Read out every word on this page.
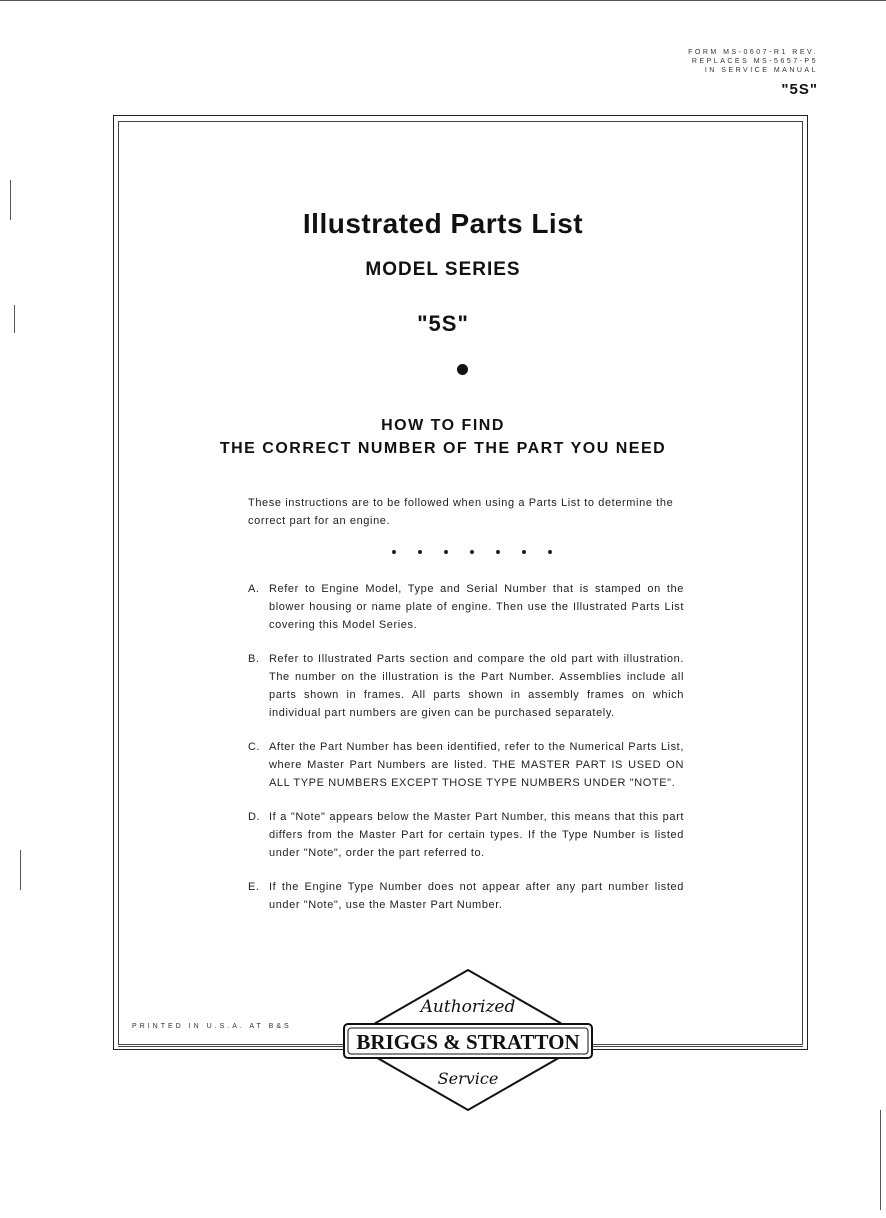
FORM MS-0607-R1 REV.
REPLACES MS-5657-P5
IN SERVICE MANUAL
"5S"
Illustrated Parts List
MODEL SERIES
"5S"
HOW TO FIND
THE CORRECT NUMBER OF THE PART YOU NEED
These instructions are to be followed when using a Parts List to determine the correct part for an engine.
A. Refer to Engine Model, Type and Serial Number that is stamped on the blower housing or name plate of engine. Then use the Illustrated Parts List covering this Model Series.
B. Refer to Illustrated Parts section and compare the old part with illustration. The number on the illustration is the Part Number. Assemblies include all parts shown in frames. All parts shown in assembly frames on which individual part numbers are given can be purchased separately.
C. After the Part Number has been identified, refer to the Numerical Parts List, where Master Part Numbers are listed. THE MASTER PART IS USED ON ALL TYPE NUMBERS EXCEPT THOSE TYPE NUMBERS UNDER "NOTE".
D. If a "Note" appears below the Master Part Number, this means that this part differs from the Master Part for certain types. If the Type Number is listed under "Note", order the part referred to.
E. If the Engine Type Number does not appear after any part number listed under "Note", use the Master Part Number.
PRINTED IN U.S.A. AT B&S
Authorized
BRIGGS & STRATTON
Service
